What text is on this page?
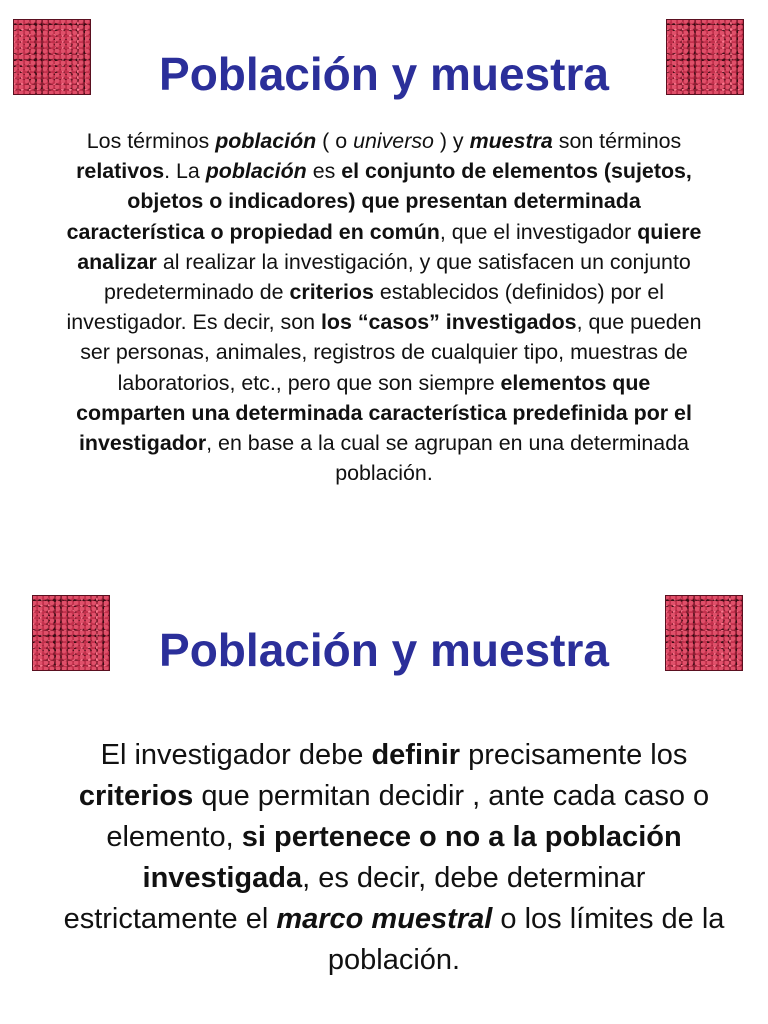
Población y muestra

Los términos población ( o universo ) y muestra son términos relativos. La población es el conjunto de elementos (sujetos, objetos o indicadores) que presentan determinada característica o propiedad en común, que el investigador quiere analizar al realizar la investigación, y que satisfacen un conjunto predeterminado de criterios establecidos (definidos) por el investigador. Es decir, son los “casos” investigados, que pueden ser personas, animales, registros de cualquier tipo, muestras de laboratorios, etc., pero que son siempre elementos que comparten una determinada característica predefinida por el investigador, en base a la cual se agrupan en una determinada población.

Población y muestra

El investigador debe definir precisamente los criterios que permitan decidir , ante cada caso o elemento, si pertenece o no a la población investigada, es decir, debe determinar estrictamente el marco muestral o los límites de la población.
